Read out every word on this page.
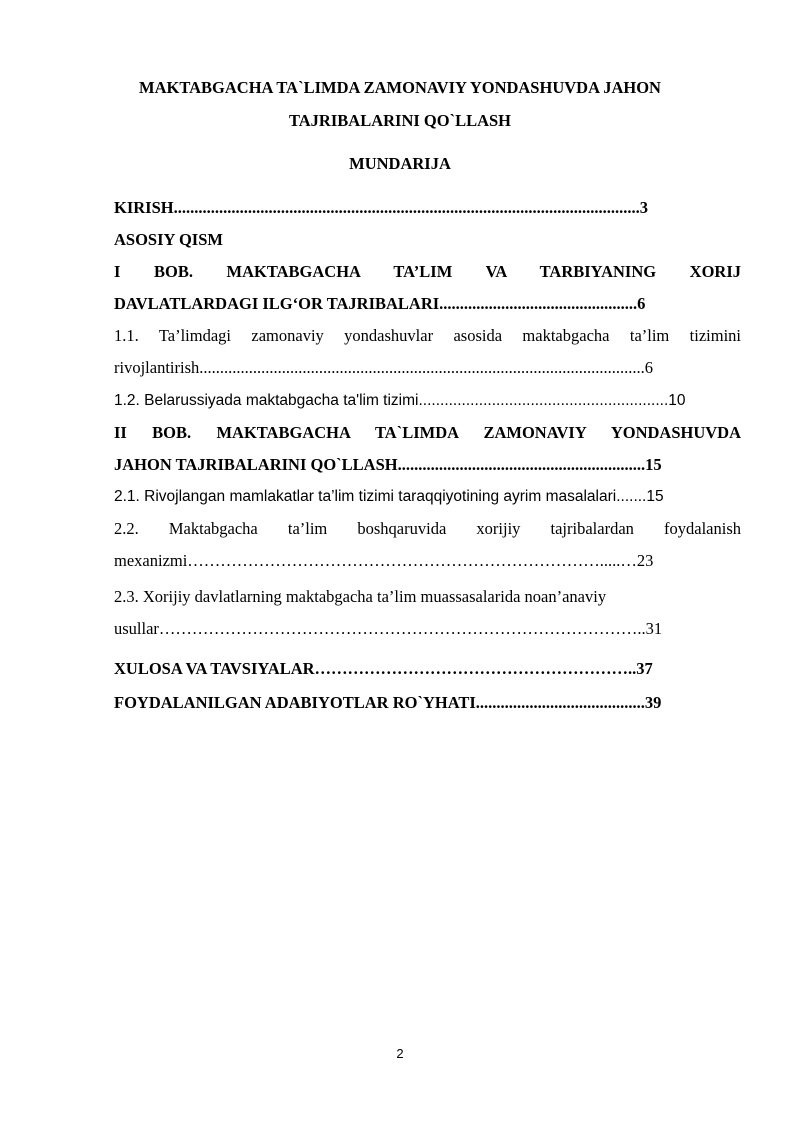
MAKTABGACHA TA`LIMDA ZAMONAVIY YONDASHUVDA JAHON
TAJRIBALARINI QO`LLASH
MUNDARIJA
KIRISH.................................................................................................................3
ASOSIY QISM
I BOB. MAKTABGACHA TA’LIM VA TARBIYANING XORIJ
DAVLATLARDAGI ILG‘OR TAJRIBALARI................................................6
1.1. Ta’limdagi zamonaviy yondashuvlar asosida maktabgacha ta’lim tizimini
rivojlantirish............................................................................................................6
1.2. Belarussiyada maktabgacha ta'lim tizimi..........................................................10
II BOB. MAKTABGACHA TA`LIMDA ZAMONAVIY YONDASHUVDA
JAHON TAJRIBALARINI QO`LLASH............................................................15
2.1. Rivojlangan mamlakatlar ta’lim tizimi taraqqiyotining ayrim masalalari.......15
2.2. Maktabgacha ta’lim boshqaruvida xorijiy tajribalardan foydalanish
mexanizmi………………………………………………………………….....…23
2.3. Xorijiy davlatlarning maktabgacha ta’lim muassasalarida noan’anaviy
usullar……………………………………………………………………………..31
XULOSA VA TAVSIYALAR…………………………………………………..37
FOYDALANILGAN ADABIYOTLAR RO`YHATI.........................................39
2
